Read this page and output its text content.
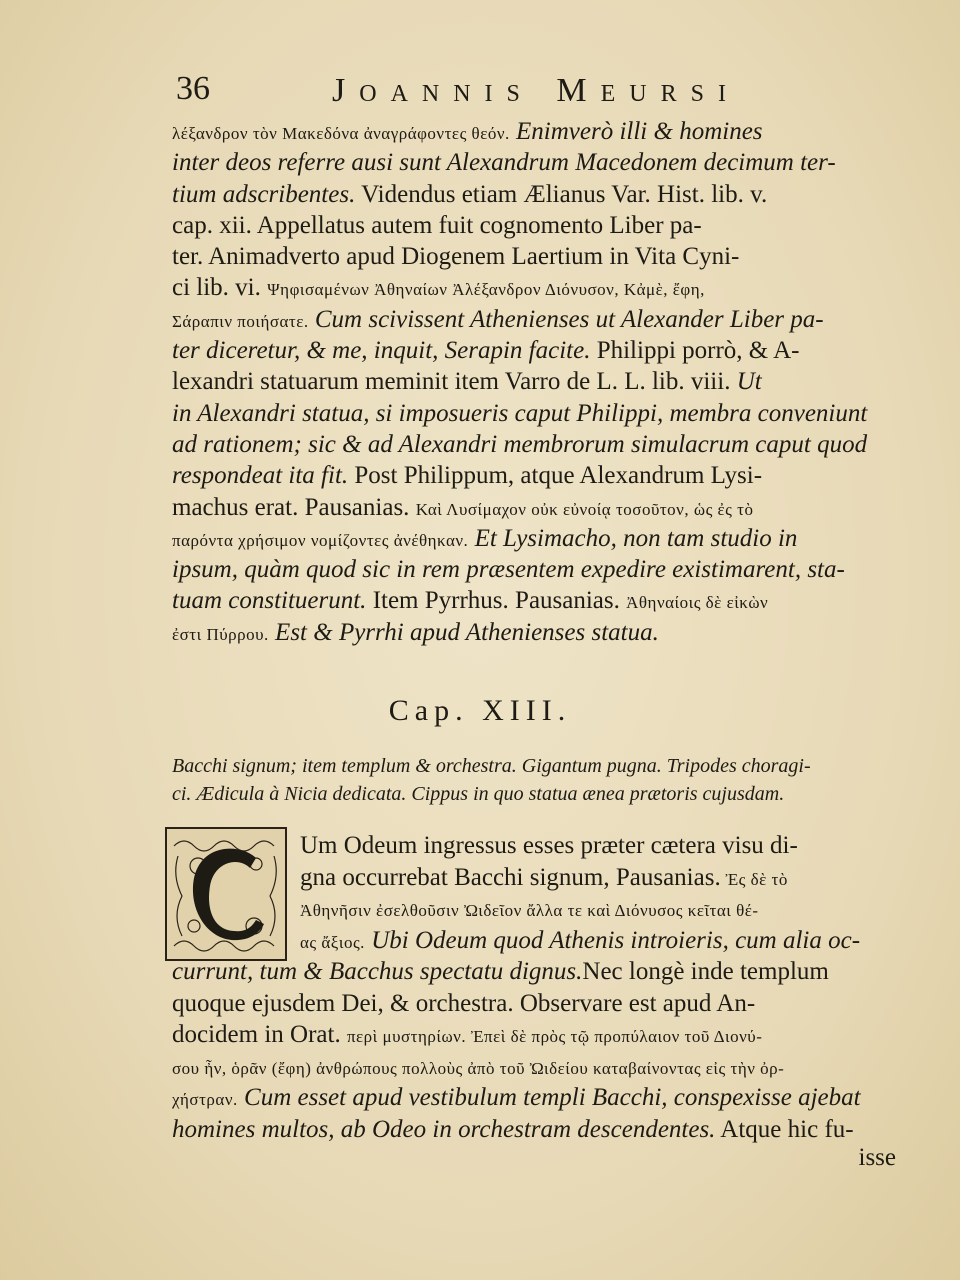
36	Joannis Meursi
λέξανδρον τὸν Μακεδόνα ἀναγράφοντες θεόν. Enimverò illi & homines
inter deos referre ausi sunt Alexandrum Macedonem decimum ter-
tium adscribentes. Videndus etiam Ælianus Var. Hist. lib. v.
cap. xii. Appellatus autem fuit cognomento Liber pa-
ter. Animadverto apud Diogenem Laertium in Vita Cyni-
ci lib. vi. Ψηφισαμένων Ἀθηναίων Ἀλέξανδρον Διόνυσον, Κἀμὲ, ἔφη,
Σάραπιν ποιήσατε. Cum scivissent Athenienses ut Alexander Liber pa-
ter diceretur, & me, inquit, Serapin facite. Philippi porrò, & A-
lexandri statuarum meminit item Varro de L. L. lib. viii. Ut
in Alexandri statua, si imposueris caput Philippi, membra conveniunt
ad rationem; sic & ad Alexandri membrorum simulacrum caput quod
respondeat ita fit. Post Philippum, atque Alexandrum Lysi-
machus erat. Pausanias. Καὶ Λυσίμαχον οὐκ εὐνοίᾳ τοσοῦτον, ὡς ἐς τὸ
παρόντα χρήσιμον νομίζοντες ἀνέθηκαν. Et Lysimacho, non tam studio in
ipsum, quàm quod sic in rem præsentem expedire existimarent, sta-
tuam constituerunt. Item Pyrrhus. Pausanias. Ἀθηναίοις δὲ εἰκὼν
ἐστι Πύρρου. Est & Pyrrhi apud Athenienses statua.
Cap. XIII.
Bacchi signum; item templum & orchestra. Gigantum pugna. Tripodes choragi-
ci. Ædicula à Nicia dedicata. Cippus in quo statua ænea prætoris cujusdam.
Um Odeum ingressus esses præter cætera visu di-
gna occurrebat Bacchi signum, Pausanias. Ἐς δὲ τὸ
Ἀθηνῆσιν ἐσελθοῦσιν Ὠιδεῖον ἄλλα τε καὶ Διόνυσος κεῖται θέ-
ας ἄξιος. Ubi Odeum quod Athenis introieris, cum alia oc-
currunt, tum & Bacchus spectatu dignus.Nec longè inde templum
quoque ejusdem Dei, & orchestra. Observare est apud An-
docidem in Orat. περὶ μυστηρίων. Ἐπεὶ δὲ πρὸς τῷ προπύλαιον τοῦ Διονύ-
σου ἦν, ὁρᾶν (ἔφη) ἀνθρώπους πολλοὺς ἀπὸ τοῦ Ὠιδείου καταβαίνοντας εἰς τὴν ὀρ-
χήστραν. Cum esset apud vestibulum templi Bacchi, conspexisse ajebat
homines multos, ab Odeo in orchestram descendentes. Atque hic fu-
isse
